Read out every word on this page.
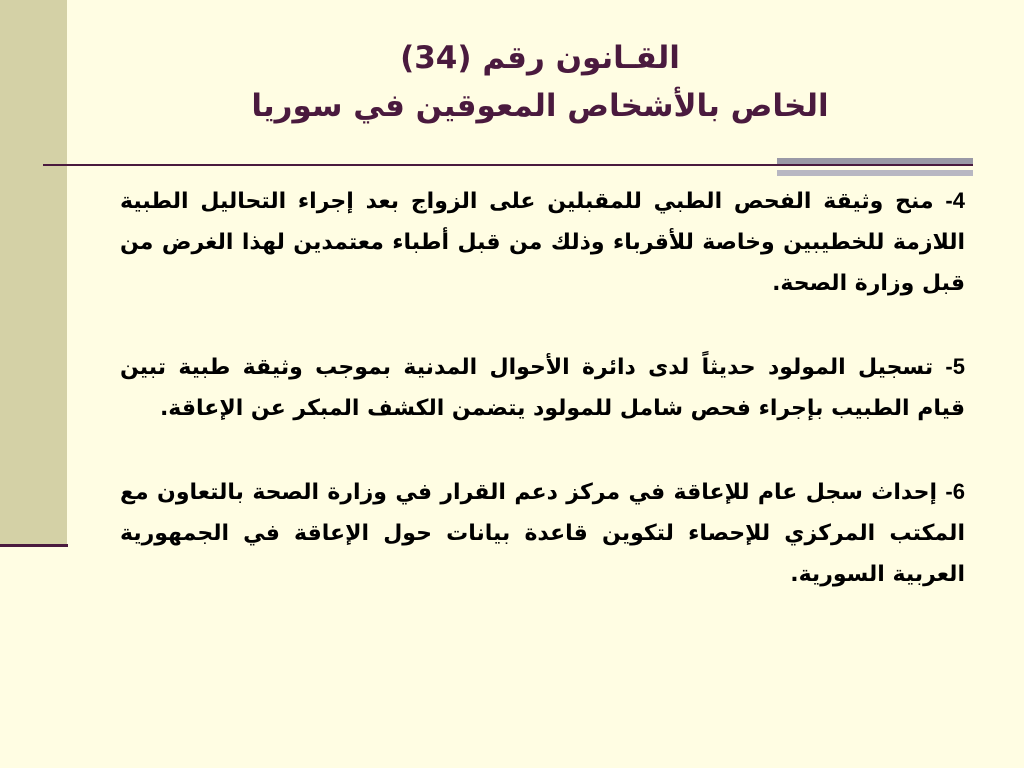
القـانون رقم (34)
الخاص بالأشخاص المعوقين في سوريا

4- منح وثيقة الفحص الطبي للمقبلين على الزواج بعد إجراء التحاليل الطبية اللازمة للخطيبين وخاصة للأقرباء وذلك من قبل أطباء معتمدين لهذا الغرض من قبل وزارة الصحة.

5- تسجيل المولود حديثاً لدى دائرة الأحوال المدنية بموجب وثيقة طبية تبين قيام الطبيب بإجراء فحص شامل للمولود يتضمن الكشف المبكر عن الإعاقة.

6- إحداث سجل عام للإعاقة في مركز دعم القرار في وزارة الصحة بالتعاون مع المكتب المركزي للإحصاء لتكوين قاعدة بيانات حول الإعاقة في الجمهورية العربية السورية.
